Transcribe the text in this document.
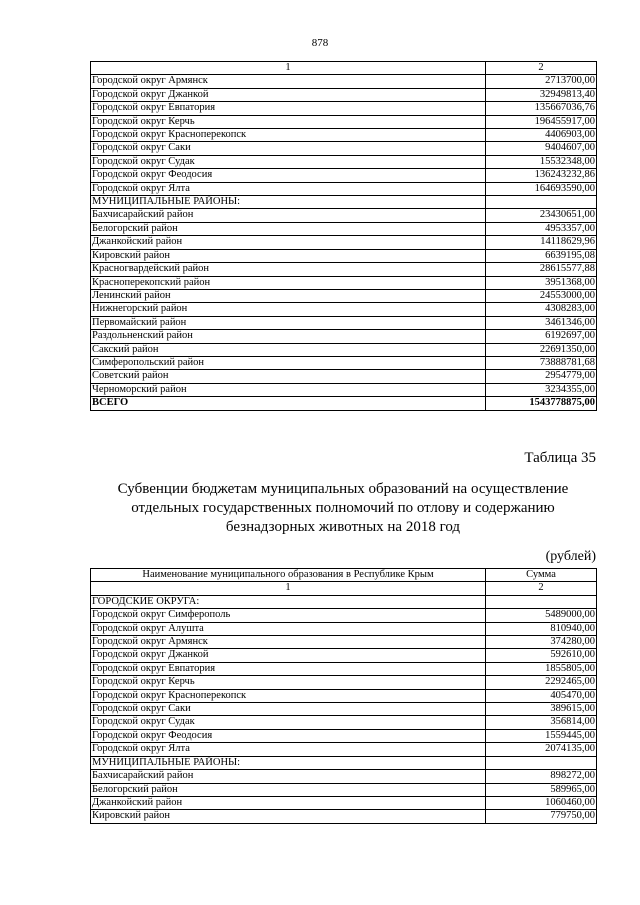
878
1	2
Городской округ Армянск	2713700,00
Городской округ Джанкой	32949813,40
Городской округ Евпатория	135667036,76
Городской округ Керчь	196455917,00
Городской округ Красноперекопск	4406903,00
Городской округ Саки	9404607,00
Городской округ Судак	15532348,00
Городской округ Феодосия	136243232,86
Городской округ Ялта	164693590,00
МУНИЦИПАЛЬНЫЕ РАЙОНЫ:	
Бахчисарайский район	23430651,00
Белогорский район	4953357,00
Джанкойский район	14118629,96
Кировский район	6639195,08
Красногвардейский район	28615577,88
Красноперекопский район	3951368,00
Ленинский район	24553000,00
Нижнегорский район	4308283,00
Первомайский район	3461346,00
Раздольненский район	6192697,00
Сакский район	22691350,00
Симферопольский район	73888781,68
Советский район	2954779,00
Черноморский район	3234355,00
ВСЕГО	1543778875,00
Таблица 35
Субвенции бюджетам муниципальных образований на осуществление отдельных государственных полномочий по отлову и содержанию безнадзорных животных на 2018 год
(рублей)
Наименование муниципального образования в Республике Крым	Сумма
1	2
ГОРОДСКИЕ ОКРУГА:	
Городской округ Симферополь	5489000,00
Городской округ Алушта	810940,00
Городской округ Армянск	374280,00
Городской округ Джанкой	592610,00
Городской округ Евпатория	1855805,00
Городской округ Керчь	2292465,00
Городской округ Красноперекопск	405470,00
Городской округ Саки	389615,00
Городской округ Судак	356814,00
Городской округ Феодосия	1559445,00
Городской округ Ялта	2074135,00
МУНИЦИПАЛЬНЫЕ РАЙОНЫ:	
Бахчисарайский район	898272,00
Белогорский район	589965,00
Джанкойский район	1060460,00
Кировский район	779750,00
